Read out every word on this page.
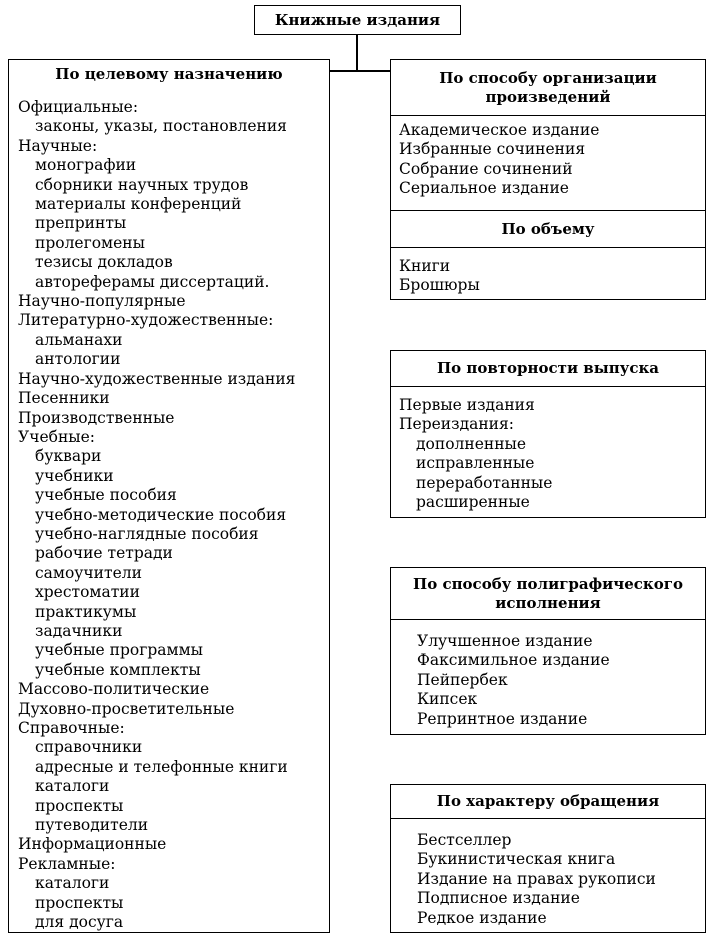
Книжные издания
По целевому назначению
Официальные:
законы, указы, постановления
Научные:
монографии
сборники научных трудов
материалы конференций
препринты
пролегомены
тезисы докладов
автореферамы диссертаций.
Научно-популярные
Литературно-художественные:
альманахи
антологии
Научно-художественные издания
Песенники
Производственные
Учебные:
буквари
учебники
учебные пособия
учебно-методические пособия
учебно-наглядные пособия
рабочие тетради
самоучители
хрестоматии
практикумы
задачники
учебные программы
учебные комплекты
Массово-политические
Духовно-просветительные
Справочные:
справочники
адресные и телефонные книги
каталоги
проспекты
путеводители
Информационные
Рекламные:
каталоги
проспекты
для досуга
По способу организации
произведений
Академическое издание
Избранные сочинения
Собрание сочинений
Сериальное издание
По объему
Книги
Брошюры
По повторности выпуска
Первые издания
Переиздания:
дополненные
исправленные
переработанные
расширенные
По способу полиграфического
исполнения
Улучшенное издание
Факсимильное издание
Пейпербек
Кипсек
Репринтное издание
По характеру обращения
Бестселлер
Букинистическая книга
Издание на правах рукописи
Подписное издание
Редкое издание
